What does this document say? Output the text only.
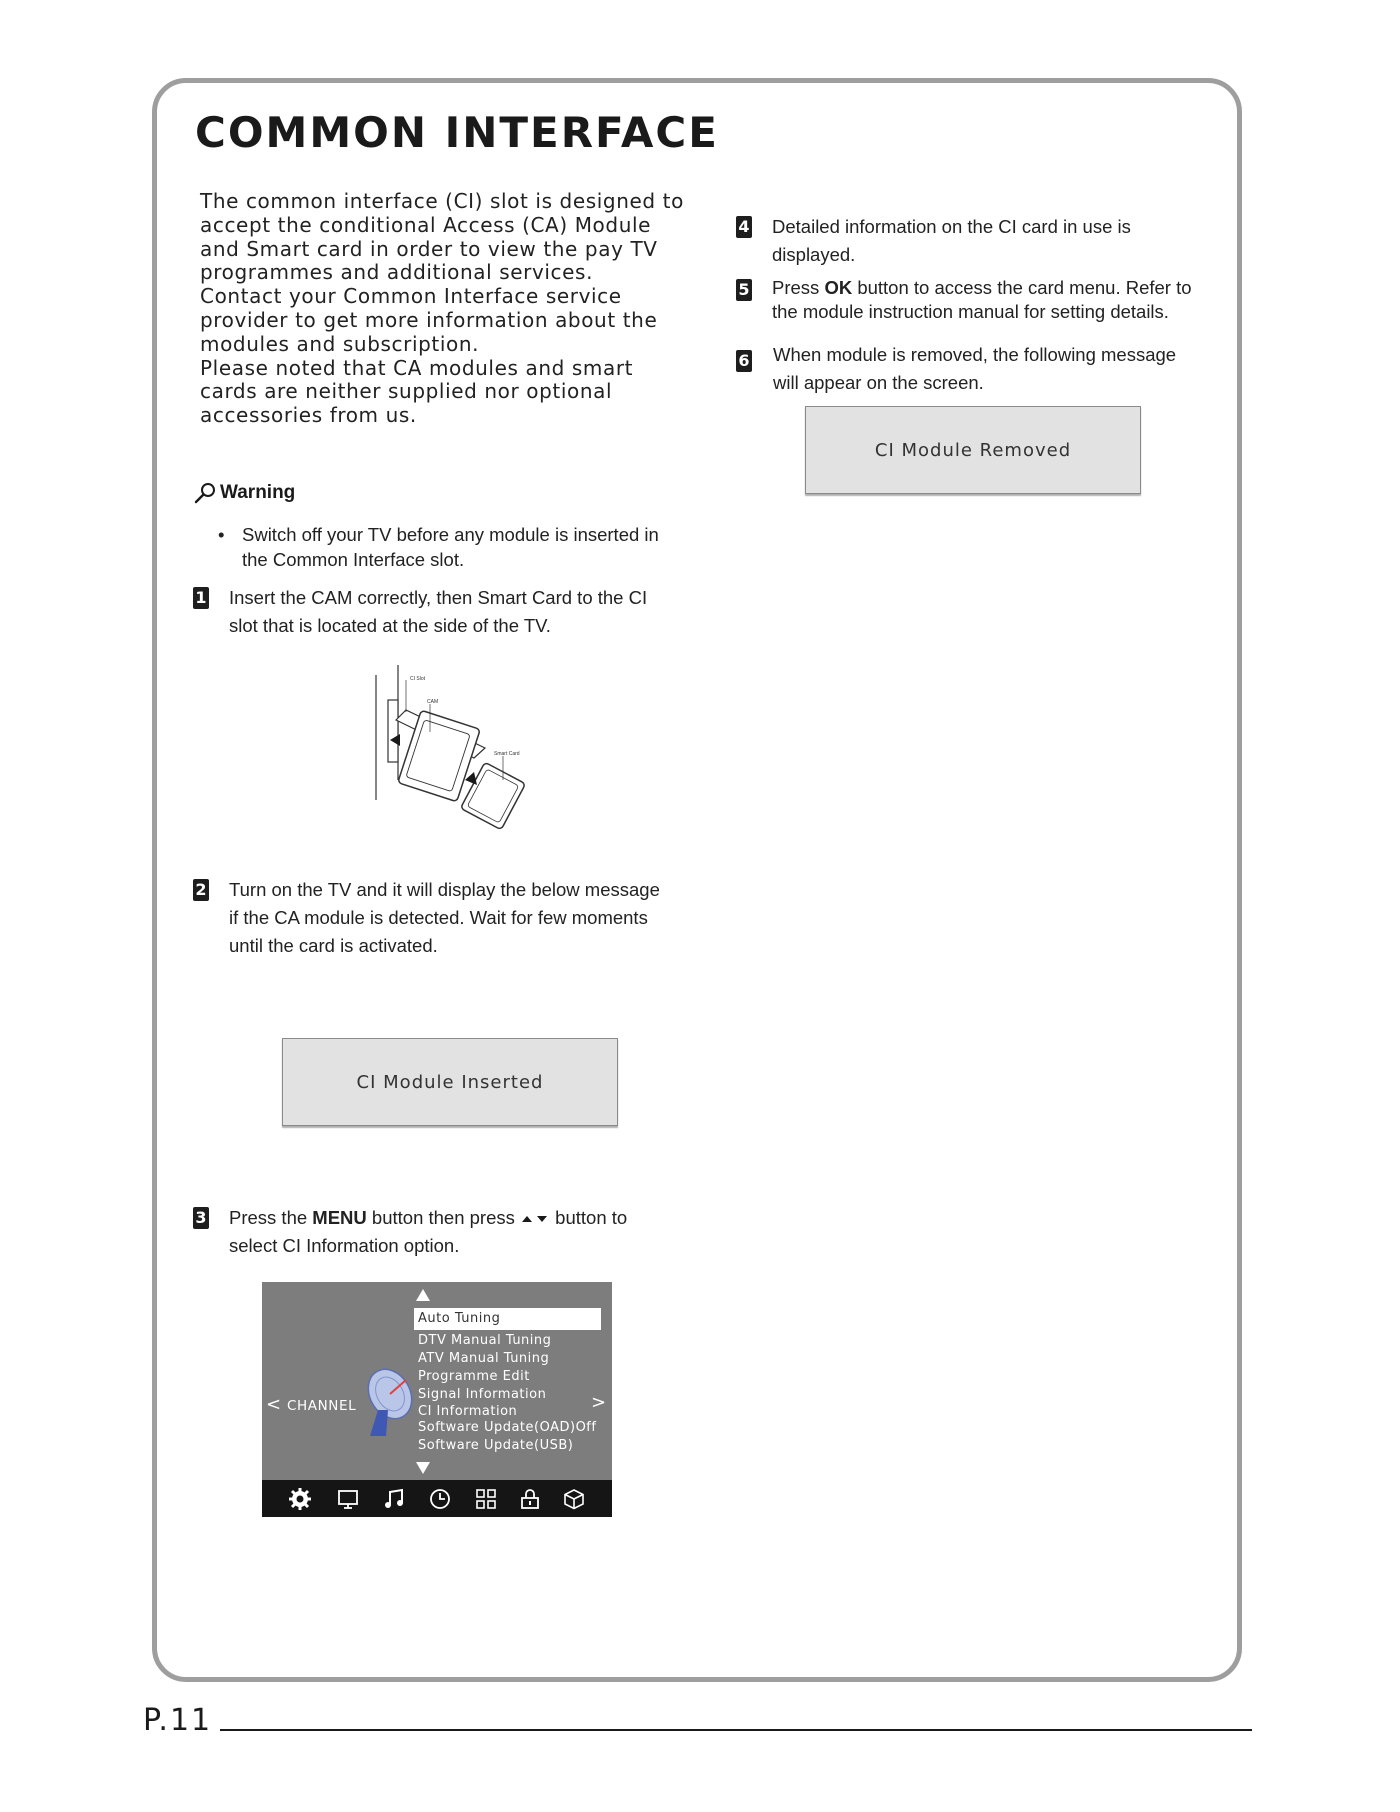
COMMON INTERFACE

The common interface (CI) slot is designed to
accept the conditional Access (CA) Module
and Smart card in order to view the pay TV
programmes and additional services.
Contact your Common Interface service
provider to get more information about the
modules and subscription.
Please noted that CA modules and smart
cards are neither supplied nor optional
accessories from us.

Warning
• Switch off your TV before any module is inserted in
the Common Interface slot.
1	Insert the CAM correctly, then Smart Card to the CI
slot that is located at the side of the TV.
CI Slot
CAM
Smart Card
2	Turn on the TV and it will display the below message
if the CA module is detected. Wait for few moments
until the card is activated.
CI Module Inserted
3	Press the MENU button then press  button to
select CI Information option.
< CHANNEL
Auto Tuning
DTV Manual Tuning
ATV Manual Tuning
Programme Edit
Signal Information
CI Information
Software Update(OAD)Off
Software Update(USB)
>
4	Detailed information on the CI card in use is
displayed.
5	Press OK button to access the card menu. Refer to
the module instruction manual for setting details.
6	When module is removed, the following message
will appear on the screen.
CI Module Removed
P.11
